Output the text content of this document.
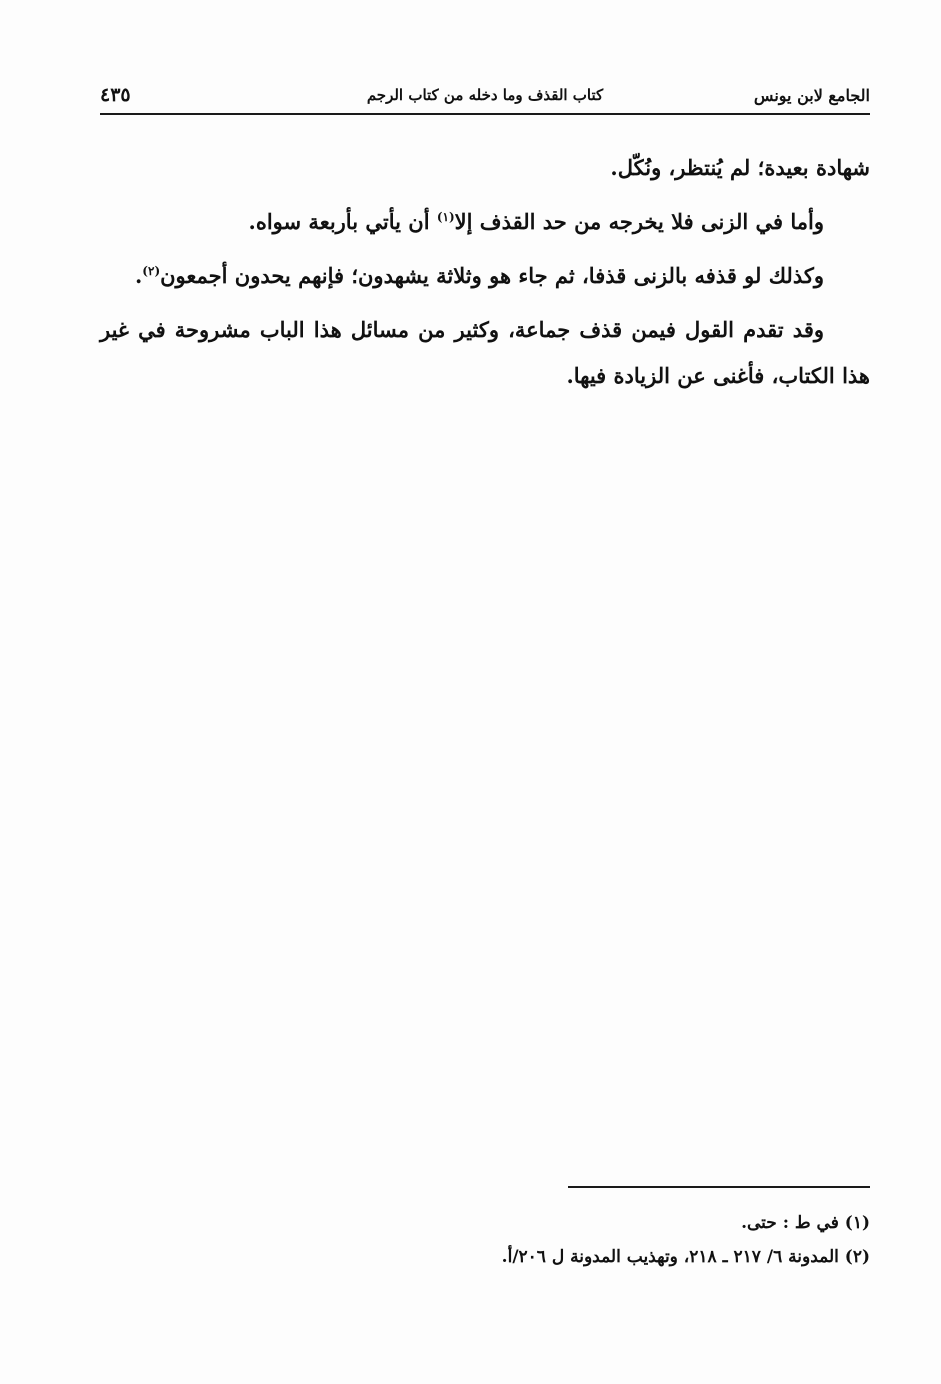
الجامع لابن يونس
كتاب القذف وما دخله من كتاب الرجم
٤٣٥

شهادة بعيدة؛ لم يُنتظر، ونُكّل.

وأما في الزنى فلا يخرجه من حد القذف إلا$^{(١)}$ أن يأتي بأربعة سواه.

وكذلك لو قذفه بالزنى قذفا، ثم جاء هو وثلاثة يشهدون؛ فإنهم يحدون أجمعون$^{(٢)}$.

وقد تقدم القول فيمن قذف جماعة، وكثير من مسائل هذا الباب مشروحة في غير هذا الكتاب، فأغنى عن الزيادة فيها.

(١) في ط : حتى.

(٢) المدونة ٦/ ٢١٧ ـ ٢١٨، وتهذيب المدونة ل ٢٠٦/أ.
